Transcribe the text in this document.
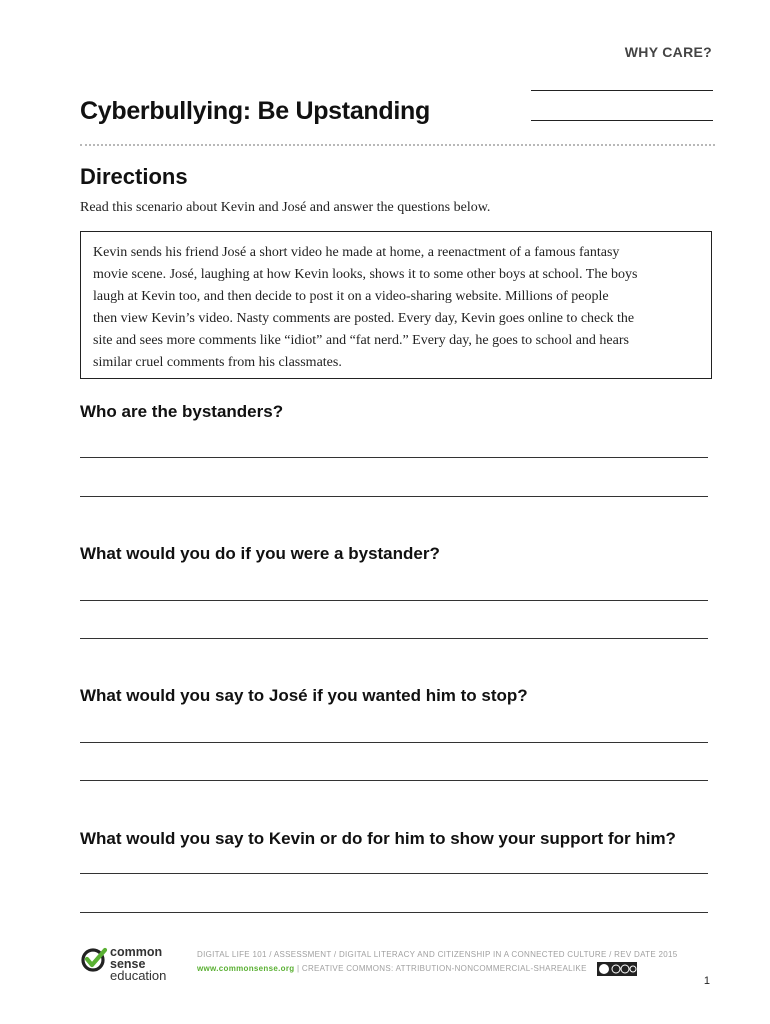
WHY CARE?
Cyberbullying: Be Upstanding
Directions
Read this scenario about Kevin and José and answer the questions below.
Kevin sends his friend José a short video he made at home, a reenactment of a famous fantasy
movie scene. José, laughing at how Kevin looks, shows it to some other boys at school. The boys
laugh at Kevin too, and then decide to post it on a video-sharing website. Millions of people
then view Kevin’s video. Nasty comments are posted. Every day, Kevin goes online to check the
site and sees more comments like “idiot” and “fat nerd.” Every day, he goes to school and hears
similar cruel comments from his classmates.
Who are the bystanders?
What would you do if you were a bystander?
What would you say to José if you wanted him to stop?
What would you say to Kevin or do for him to show your support for him?
common
sense
education
DIGITAL LIFE 101 / ASSESSMENT / DIGITAL LITERACY AND CITIZENSHIP IN A CONNECTED CULTURE / REV DATE 2015
www.commonsense.org | CREATIVE COMMONS: ATTRIBUTION-NONCOMMERCIAL-SHAREALIKE
1
